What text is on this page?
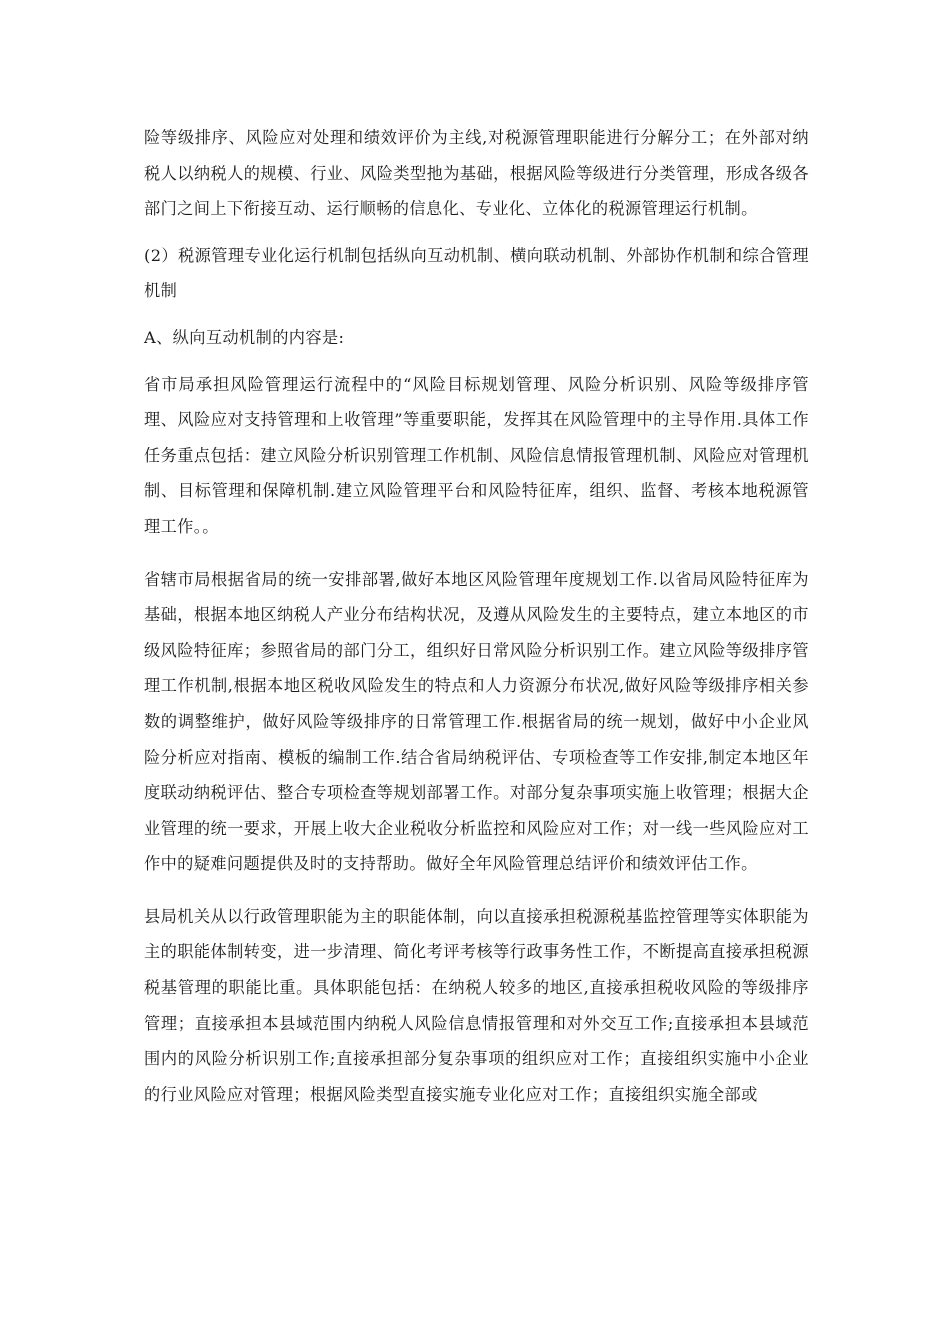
险等级排序、风险应对处理和绩效评价为主线,对税源管理职能进行分解分工；在外部对纳税人以纳税人的规模、行业、风险类型扡为基础，根据风险等级进行分类管理，形成各级各部门之间上下衔接互动、运行顺畅的信息化、专业化、立体化的税源管理运行机制。

(2）税源管理专业化运行机制包括纵向互动机制、横向联动机制、外部协作机制和综合管理机制

A、纵向互动机制的内容是:

省市局承担风险管理运行流程中的“风险目标规划管理、风险分析识别、风险等级排序管理、风险应对支持管理和上收管理”等重要职能，发挥其在风险管理中的主导作用.具体工作任务重点包括：建立风险分析识别管理工作机制、风险信息情报管理机制、风险应对管理机制、目标管理和保障机制.建立风险管理平台和风险特征库，组织、监督、考核本地税源管理工作。。

省辖市局根据省局的统一安排部署,做好本地区风险管理年度规划工作.以省局风险特征库为基础，根据本地区纳税人产业分布结构状况，及遵从风险发生的主要特点，建立本地区的市级风险特征库；参照省局的部门分工，组织好日常风险分析识别工作。建立风险等级排序管理工作机制,根据本地区税收风险发生的特点和人力资源分布状况,做好风险等级排序相关参数的调整维护，做好风险等级排序的日常管理工作.根据省局的统一规划，做好中小企业风险分析应对指南、模板的编制工作.结合省局纳税评估、专项检查等工作安排,制定本地区年度联动纳税评估、整合专项检查等规划部署工作。对部分复杂事项实施上收管理；根据大企业管理的统一要求，开展上收大企业税收分析监控和风险应对工作；对一线一些风险应对工作中的疑难问题提供及时的支持帮助。做好全年风险管理总结评价和绩效评估工作。

县局机关从以行政管理职能为主的职能体制，向以直接承担税源税基监控管理等实体职能为主的职能体制转变，进一步清理、简化考评考核等行政事务性工作，不断提高直接承担税源税基管理的职能比重。具体职能包括：在纳税人较多的地区,直接承担税收风险的等级排序管理；直接承担本县域范围内纳税人风险信息情报管理和对外交互工作;直接承担本县域范围内的风险分析识别工作;直接承担部分复杂事项的组织应对工作；直接组织实施中小企业的行业风险应对管理；根据风险类型直接实施专业化应对工作；直接组织实施全部或
